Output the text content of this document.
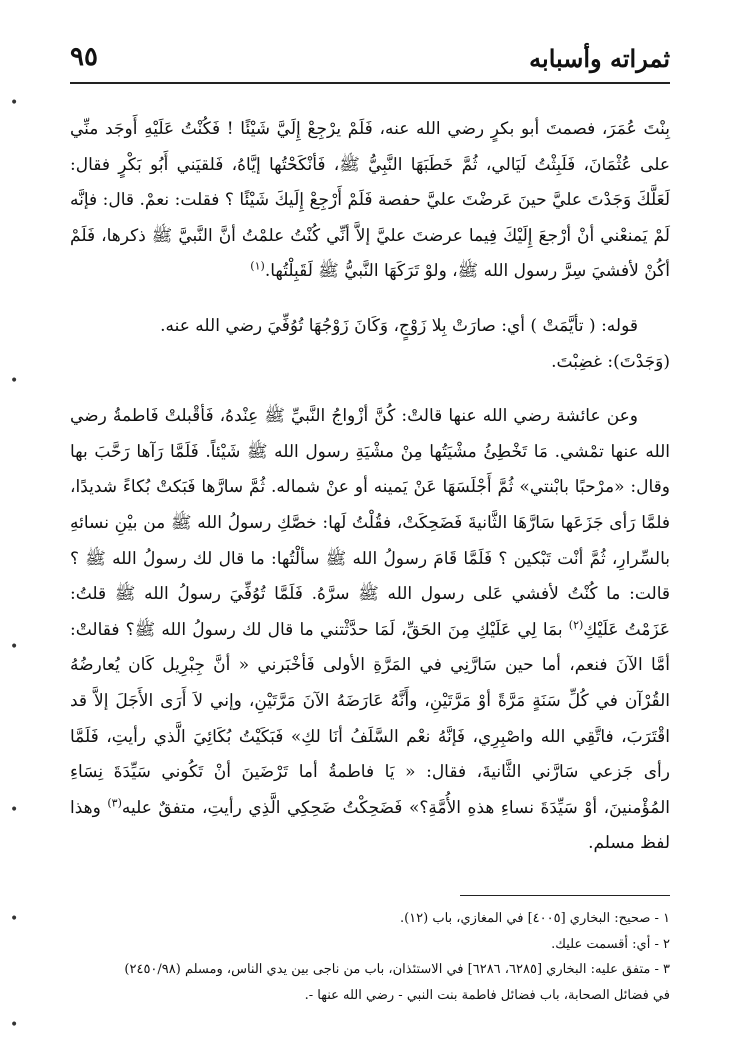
ثمراته وأسبابه
٩٥

بِنْتَ عُمَرَ، فصمتَ أبو بكرٍ رضي الله عنه، فَلَمْ يرْجِعْ إِلَيَّ شَيْئًا ! فَكُنْتُ عَلَيْهِ أَوجَد منِّي على عُثْمَانَ، فَلَبِثْتُ لَيَالي، ثُمَّ خَطَبَهَا النَّبِيُّ ﷺ، فَأنْكَحْتُها إيَّاهُ، فَلقيَني أَبُو بَكْرٍ فقال: لَعَلَّكَ وَجَدْتَ عليَّ حينَ عَرضْتَ عليَّ حفصة فَلَمْ أَرْجِعْ إِلَيكَ شَيْئًا ؟ فقلت: نعمْ. قال: فإنَّه لَمْ يَمنعْني أنْ أرْجعَ إِلَيْكَ فِيما عرضتَ عليَّ إلاَّ أنِّي كُنْتُ علمْتُ أنَّ النَّبيَّ ﷺ ذكرها، فَلَمْ أكُنْ لأفشيَ سِرَّ رسول الله ﷺ، ولوْ تَرَكَهَا النَّبيُّ ﷺ لَقَبِلْتُها.$^{(١)}$

قوله: ( تأيَّمَتْ ) أي: صارَتْ بِلا زَوْجٍ، وَكَانَ زَوْجُهَا تُوُفِّيَ رضي الله عنه.

(وَجَدْتَ): غضِبْتَ.

وعن عائشة رضي الله عنها قالتْ: كُنَّ أزْواجُ النَّبيِّ ﷺ عِنْدهُ، فَأقْبلتْ فَاطمةُ رضي الله عنها تمْشي. مَا تَخْطِئُ مشْيَتُها مِنْ مشْيَةِ رسول الله ﷺ شَيْئاً. فَلَمَّا رَآها رَحَّبَ بها وقال: «مرْحبًا بابْنتي» ثُمَّ أَجْلَسَهَا عَنْ يَمينه أو عنْ شماله. ثُمَّ سارَّها فَبَكتْ بُكاءً شديدًا، فلمَّا رَأى جَزَعَها سَارَّهَا الثَّانيةَ فَضَحِكَتْ، فقُلْتُ لَها: خصَّكِ رسولُ الله ﷺ من بيْنِ نسائهِ بالسِّرارِ، ثُمَّ أنْت تَبْكين ؟ فَلَمَّا قَامَ رسولُ الله ﷺ سألْتُها: ما قال لك رسولُ الله ﷺ ؟ قالت: ما كُنْتُ لأفشي عَلى رسول الله ﷺ سرَّهُ. فَلَمَّا تُوُفِّيَ رسولُ الله ﷺ قلتُ: عَزَمْتُ عَلَيْكِ$^{(٢)}$ بمَا لِي عَلَيْكِ مِنَ الحَقِّ، لَمَا حدَّثْتني ما قال لك رسولُ الله ﷺ؟ فقالتْ: أمَّا الآنَ فنعم، أما حين سَارَّنِي في المَرَّةِ الأولى فَأخْبَرني « أنَّ جِبْرِيل كَان يُعارضُهُ القُرْآن في كُلِّ سَنَةٍ مَرَّةً أوْ مَرَّتَيْنِ، وأَنَّهُ عَارَضَهُ الآنَ مَرَّتَيْنِ، وإني لاَ أَرَى الأَجَلَ إلاَّ قد اقْتَرَبَ، فاتَّقِي الله واصْبِرِي، فَإنَّهُ نعْم السَّلَفُ أنَا لكِ» فَبَكَيْتُ بُكَائِيَ الَّذي رأيتِ، فَلَمَّا رأى جَزعي سَارَّني الثَّانيةَ، فقال: « يَا فاطمةُ أما تَرْضَينَ أنْ تَكُوني سَيِّدَةَ نِسَاءِ المُؤْمنينَ، أوْ سَيِّدَةَ نساءِ هذهِ الأُمَّةِ؟» فَضَحِكْتُ ضَحِكِي الَّذِي رأيتِ، متفقٌ عليه$^{(٣)}$ وهذا لفظ مسلم.

١ - صحيح: البخاري [٤٠٠٥] في المغازي، باب (١٢).

٢ - أي: أقسمت عليك.

٣ - متفق عليه: البخاري [٦٢٨٥، ٦٢٨٦] في الاستئذان، باب من ناجى بين يدي الناس، ومسلم (٢٤٥٠/٩٨)

في فضائل الصحابة، باب فضائل فاطمة بنت النبي - رضي الله عنها -.

•
•
•
•
•
•
